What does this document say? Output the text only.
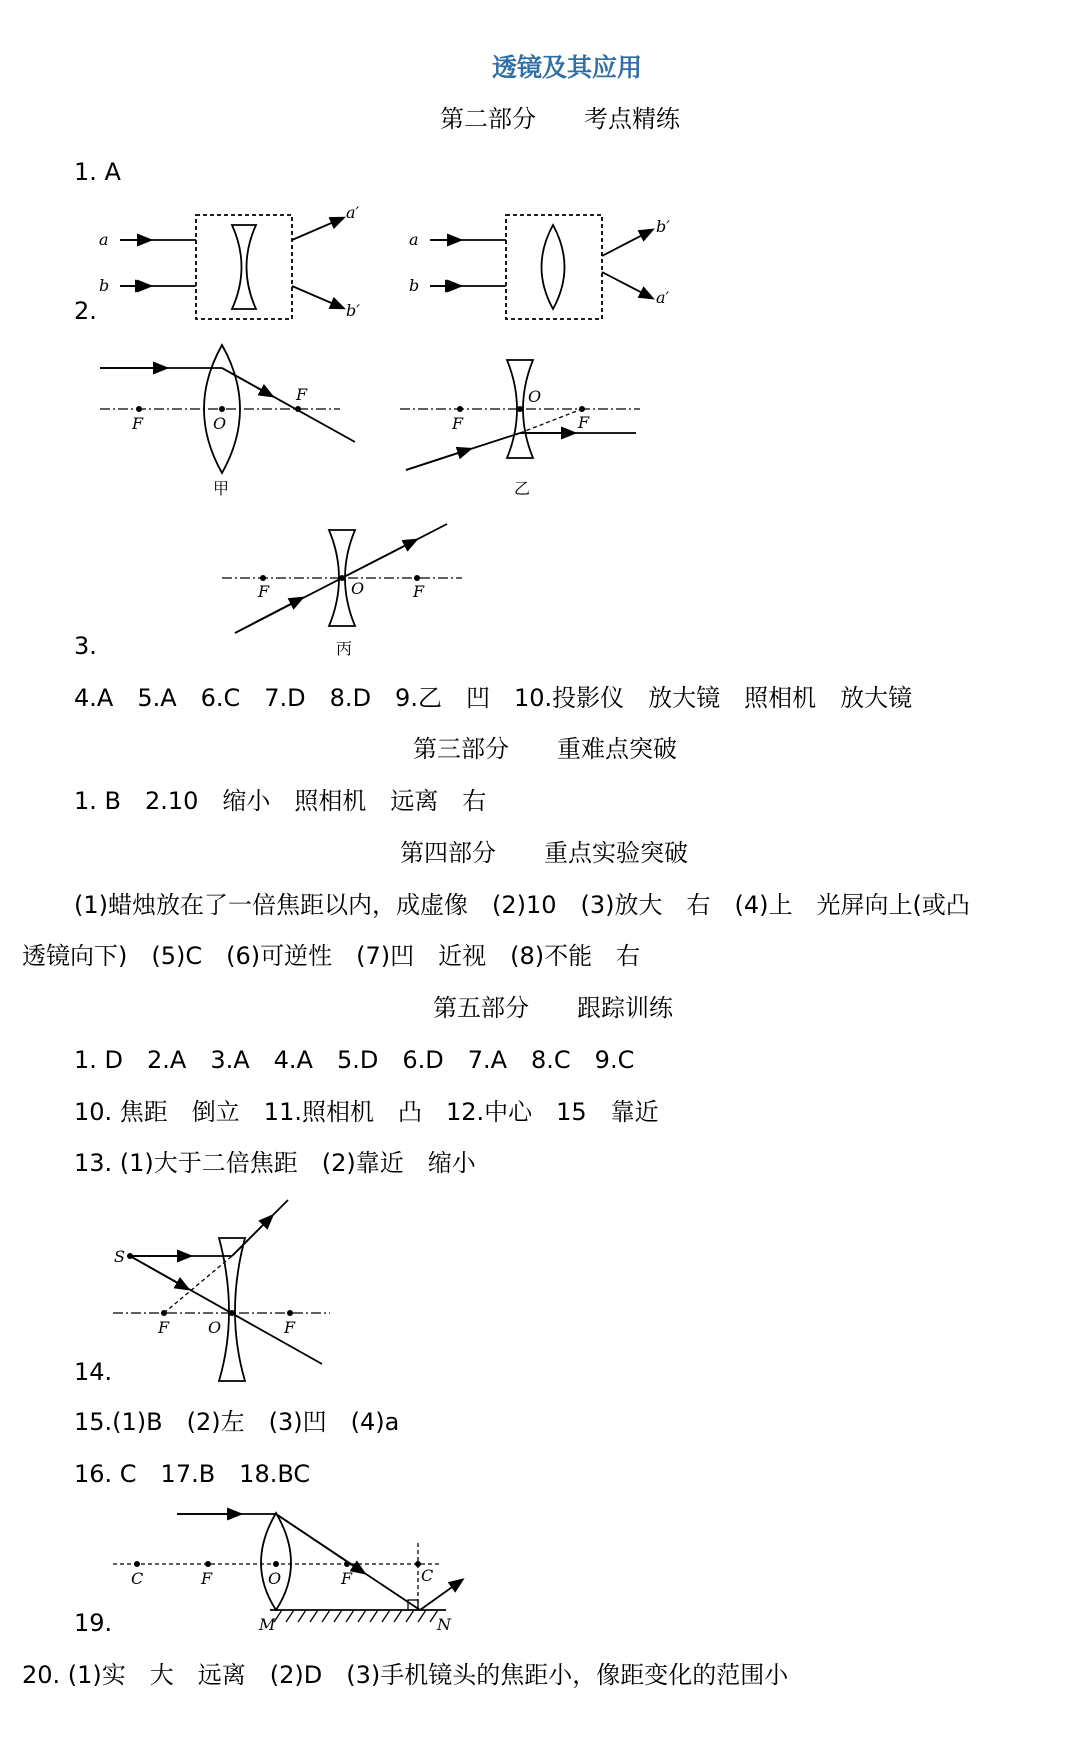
透镜及其应用
第二部分　　考点精练
1. A
2.
3.
4.A　5.A　6.C　7.D　8.D　9.乙　凹　10.投影仪　放大镜　照相机　放大镜
第三部分　　重难点突破
1. B　2.10　缩小　照相机　远离　右
第四部分　　重点实验突破
(1)蜡烛放在了一倍焦距以内，成虚像　(2)10　(3)放大　右　(4)上　光屏向上(或凸
透镜向下)　(5)C　(6)可逆性　(7)凹　近视　(8)不能　右
第五部分　　跟踪训练
1. D　2.A　3.A　4.A　5.D　6.D　7.A　8.C　9.C
10. 焦距　倒立　11.照相机　凸　12.中心　15　靠近
13. (1)大于二倍焦距　(2)靠近　缩小
14.
15.(1)B　(2)左　(3)凹　(4)a
16. C　17.B　18.BC
19.
20. (1)实　大　远离　(2)D　(3)手机镜头的焦距小，像距变化的范围小
a
b
a′
b′
a
b
b′
a′
F	O
F
甲
F
O
F
乙
F	O	F
丙
S
F O	F
C	F	O	F	C
M	N
